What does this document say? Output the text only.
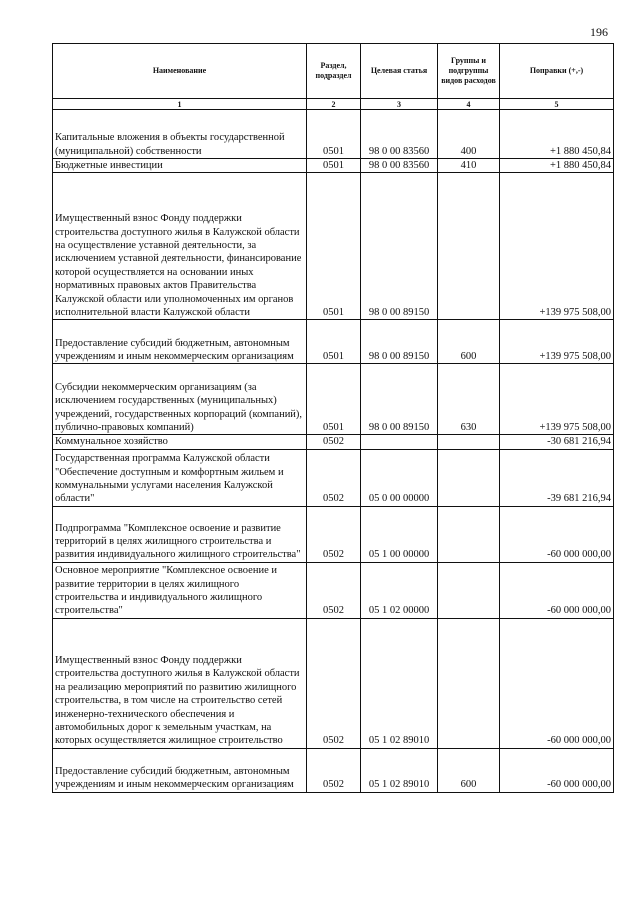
196
Наименование	Раздел, подраздел	Целевая статья	Группы и подгруппы видов расходов	Поправки (+,-)
1	2	3	4	5
Капитальные вложения в объекты государственной (муниципальной) собственности	0501	98 0 00 83560	400	+1 880 450,84
Бюджетные инвестиции	0501	98 0 00 83560	410	+1 880 450,84
Имущественный взнос Фонду поддержки строительства доступного жилья в Калужской области на осуществление уставной деятельности, за исключением уставной деятельности, финансирование которой осуществляется на основании иных нормативных правовых актов Правительства Калужской области или уполномоченных им органов исполнительной власти Калужской области	0501	98 0 00 89150		+139 975 508,00
Предоставление субсидий бюджетным, автономным учреждениям и иным некоммерческим организациям	0501	98 0 00 89150	600	+139 975 508,00
Субсидии некоммерческим организациям (за исключением государственных (муниципальных) учреждений, государственных корпораций (компаний), публично-правовых компаний)	0501	98 0 00 89150	630	+139 975 508,00
Коммунальное хозяйство	0502			-30 681 216,94
Государственная программа Калужской области "Обеспечение доступным и комфортным жильем и коммунальными услугами населения Калужской области"	0502	05 0 00 00000		-39 681 216,94
Подпрограмма "Комплексное освоение и развитие территорий в целях жилищного строительства и развития индивидуального жилищного строительства"	0502	05 1 00 00000		-60 000 000,00
Основное мероприятие "Комплексное освоение и развитие территории в целях жилищного строительства и индивидуального жилищного строительства"	0502	05 1 02 00000		-60 000 000,00
Имущественный взнос Фонду поддержки строительства доступного жилья в Калужской области на реализацию мероприятий по развитию жилищного строительства, в том числе на строительство сетей инженерно-технического обеспечения и автомобильных дорог к земельным участкам, на которых осуществляется жилищное строительство	0502	05 1 02 89010		-60 000 000,00
Предоставление субсидий бюджетным, автономным учреждениям и иным некоммерческим организациям	0502	05 1 02 89010	600	-60 000 000,00
